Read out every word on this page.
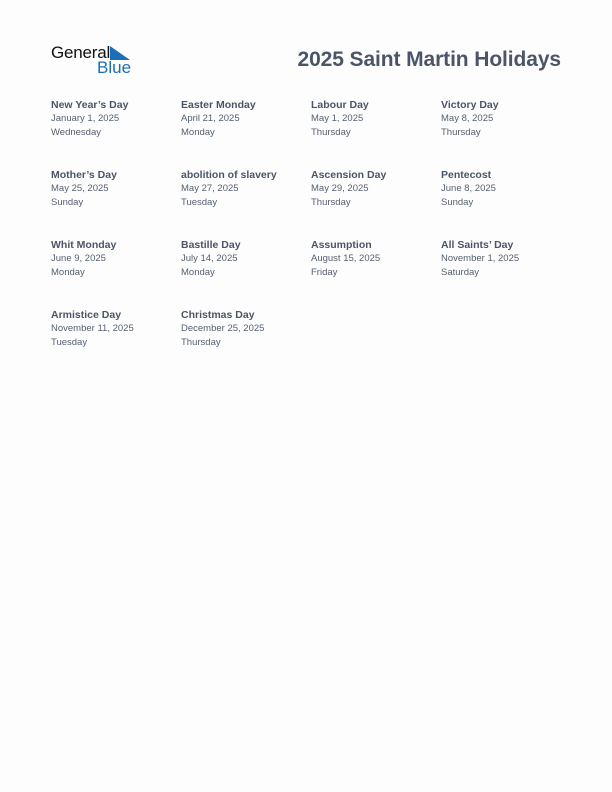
General
Blue	2025 Saint Martin Holidays
New Year’s Day
January 1, 2025
Wednesday
Easter Monday
April 21, 2025
Monday
Labour Day
May 1, 2025
Thursday
Victory Day
May 8, 2025
Thursday
Mother’s Day
May 25, 2025
Sunday
abolition of slavery
May 27, 2025
Tuesday
Ascension Day
May 29, 2025
Thursday
Pentecost
June 8, 2025
Sunday
Whit Monday
June 9, 2025
Monday
Bastille Day
July 14, 2025
Monday
Assumption
August 15, 2025
Friday
All Saints’ Day
November 1, 2025
Saturday
Armistice Day
November 11, 2025
Tuesday
Christmas Day
December 25, 2025
Thursday
